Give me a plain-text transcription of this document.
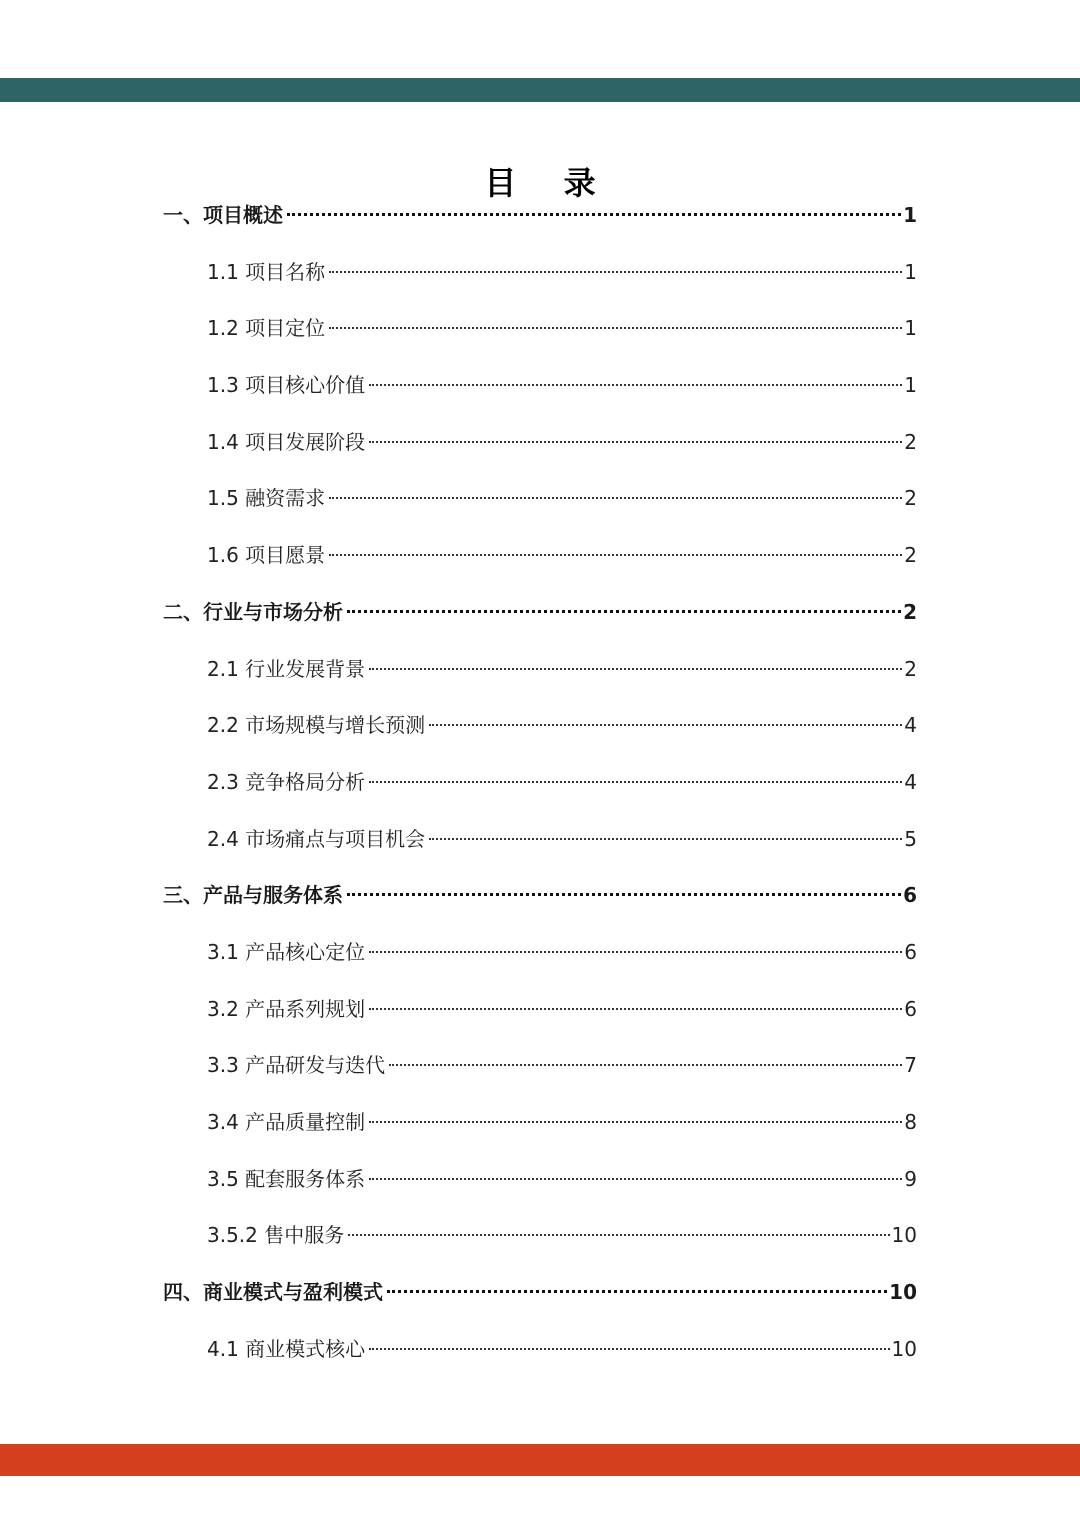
目 录
一、项目概述	1
1.1 项目名称	1
1.2 项目定位	1
1.3 项目核心价值	1
1.4 项目发展阶段	2
1.5 融资需求	2
1.6 项目愿景	2
二、行业与市场分析	2
2.1 行业发展背景	2
2.2 市场规模与增长预测	4
2.3 竞争格局分析	4
2.4 市场痛点与项目机会	5
三、产品与服务体系	6
3.1 产品核心定位	6
3.2 产品系列规划	6
3.3 产品研发与迭代	7
3.4 产品质量控制	8
3.5 配套服务体系	9
3.5.2 售中服务	10
四、商业模式与盈利模式	10
4.1 商业模式核心	10
